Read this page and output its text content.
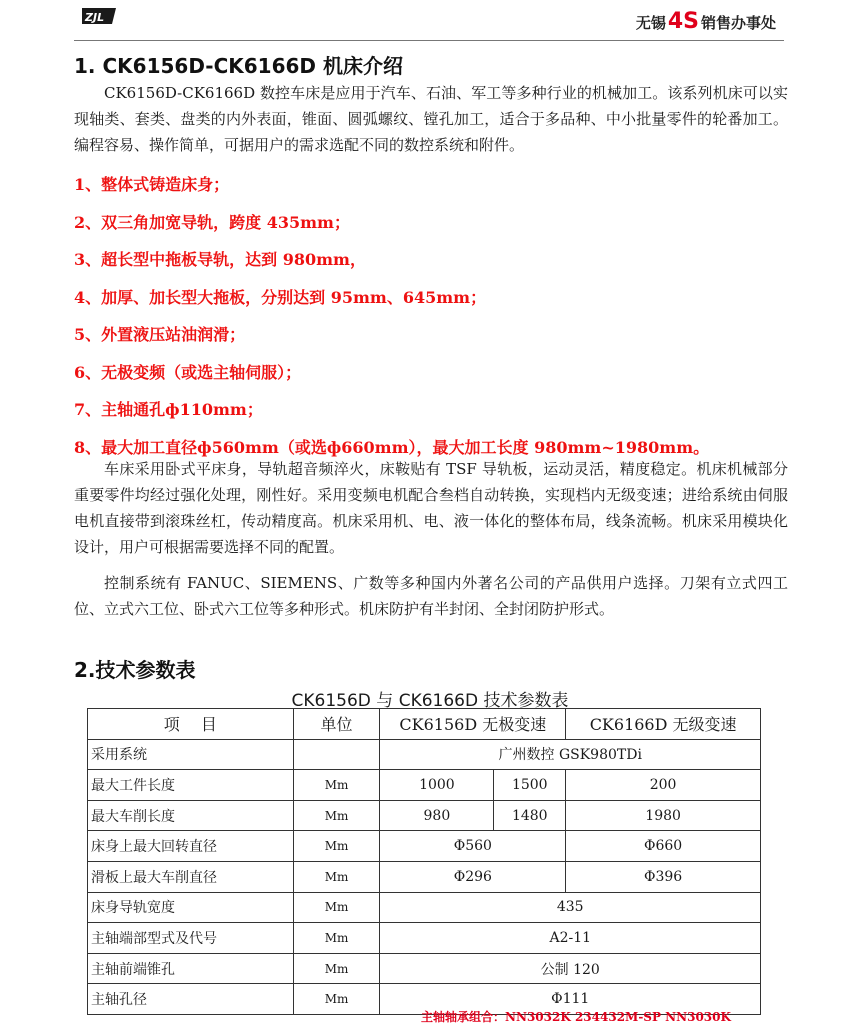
ZJL	无锡4S 销售办事处
1. CK6156D-CK6166D 机床介绍
CK6156D-CK6166D 数控车床是应用于汽车、石油、军工等多种行业的机械加工。该系列机床可以实现轴类、套类、盘类的内外表面，锥面、圆弧螺纹、镗孔加工，适合于多品种、中小批量零件的轮番加工。编程容易、操作简单，可据用户的需求选配不同的数控系统和附件。
1、整体式铸造床身；
2、双三角加宽导轨，跨度 435mm；
3、超长型中拖板导轨，达到 980mm，
4、加厚、加长型大拖板，分别达到 95mm、645mm；
5、外置液压站油润滑；
6、无极变频（或选主轴伺服）；
7、主轴通孔ф110mm；
8、最大加工直径ф560mm（或选ф660mm），最大加工长度 980mm~1980mm。
车床采用卧式平床身，导轨超音频淬火，床鞍贴有 TSF 导轨板，运动灵活，精度稳定。机床机械部分重要零件均经过强化处理，刚性好。采用变频电机配合叁档自动转换，实现档内无级变速；进给系统由伺服电机直接带到滚珠丝杠，传动精度高。机床采用机、电、液一体化的整体布局，线条流畅。机床采用模块化设计，用户可根据需要选择不同的配置。
控制系统有 FANUC、SIEMENS、广数等多种国内外著名公司的产品供用户选择。刀架有立式四工位、立式六工位、卧式六工位等多种形式。机床防护有半封闭、全封闭防护形式。
2.技术参数表
CK6156D 与 CK6166D 技术参数表
项　 目	单位	CK6156D 无极变速		CK6166D 无级变速
采用系统		广州数控 GSK980TDi		
最大工件长度	Mm	1000	1500	200
最大车削长度	Mm	980	1480	1980
床身上最大回转直径	Mm	Φ560		Φ660
滑板上最大车削直径	Mm	Φ296		Φ396
床身导轨宽度	Mm	435		
主轴端部型式及代号	Mm	A2-11		
主轴前端锥孔	Mm	公制 120		
主轴孔径	Mm	Φ111		
主轴轴承组合：NN3032K 234432M-SP NN3030K
